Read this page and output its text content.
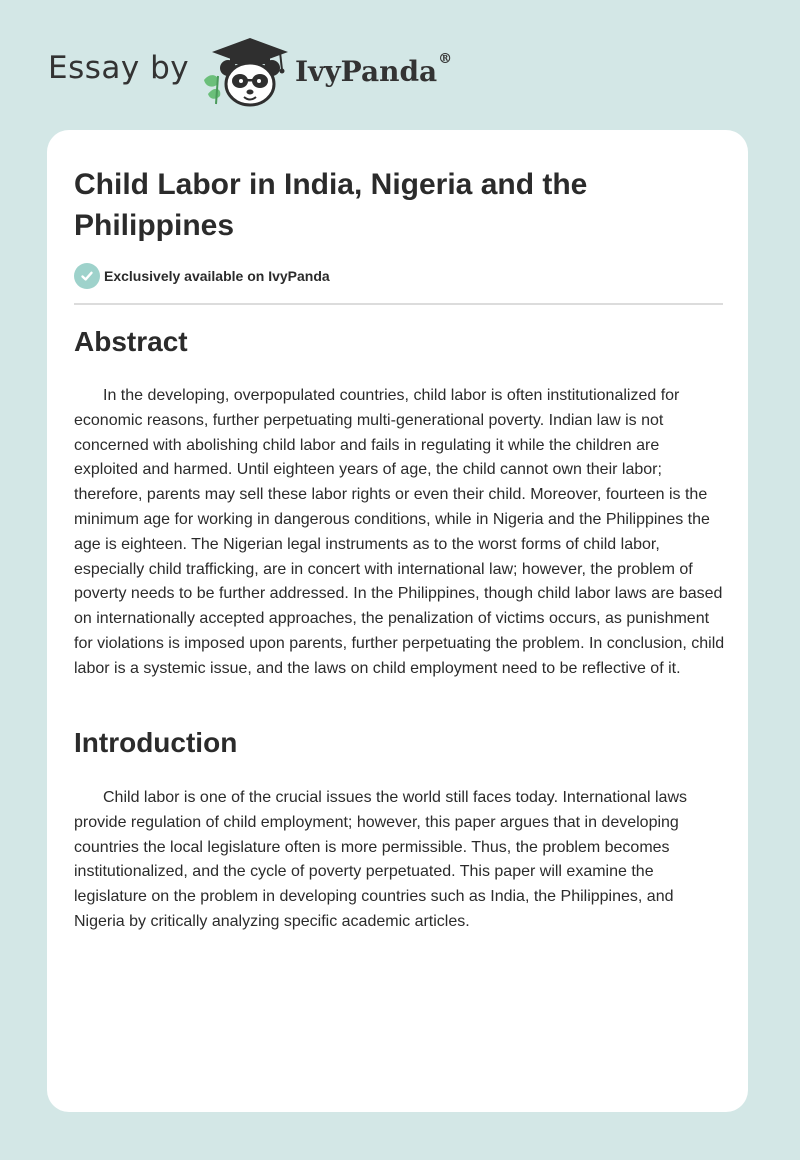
Essay by	IvyPanda®
Child Labor in India, Nigeria and the Philippines
Exclusively available on IvyPanda
Abstract

In the developing, overpopulated countries, child labor is often institutionalized for economic reasons, further perpetuating multi-generational poverty. Indian law is not concerned with abolishing child labor and fails in regulating it while the children are exploited and harmed. Until eighteen years of age, the child cannot own their labor; therefore, parents may sell these labor rights or even their child. Moreover, fourteen is the minimum age for working in dangerous conditions, while in Nigeria and the Philippines the age is eighteen. The Nigerian legal instruments as to the worst forms of child labor, especially child trafficking, are in concert with international law; however, the problem of poverty needs to be further addressed. In the Philippines, though child labor laws are based on internationally accepted approaches, the penalization of victims occurs, as punishment for violations is imposed upon parents, further perpetuating the problem. In conclusion, child labor is a systemic issue, and the laws on child employment need to be reflective of it.

Introduction

Child labor is one of the crucial issues the world still faces today. International laws provide regulation of child employment; however, this paper argues that in developing countries the local legislature often is more permissible. Thus, the problem becomes institutionalized, and the cycle of poverty perpetuated. This paper will examine the legislature on the problem in developing countries such as India, the Philippines, and Nigeria by critically analyzing specific academic articles.
